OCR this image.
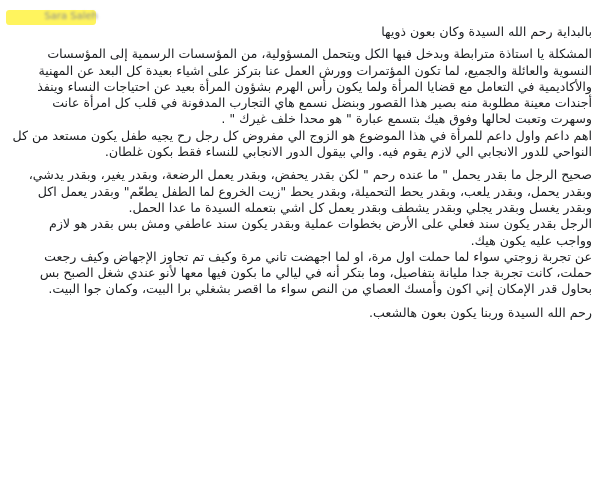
Sara Saleh

بالبداية رحم الله السيدة وكان بعون ذويها

المشكلة يا استاذة مترابطة وبدخل فيها الكل ويتحمل المسؤولية، من المؤسسات الرسمية إلى المؤسسات النسوية والعائلة والجميع، لما تكون المؤتمرات وورش العمل عنا بتركز على اشياء بعيدة كل البعد عن المهنية والأكاديمية في التعامل مع قضايا المرأة ولما يكون رأس الهرم بشؤون المرأة بعيد عن احتياجات النساء وينفذ أجندات معينة مطلوبة منه بصير هذا القصور وبنضل نسمع هاي التجارب المدفونة في قلب كل امرأة عانت وسهرت وتعبت لحالها وفوق هيك بتسمع عبارة " هو محدا خلف غيرك " .

اهم داعم واول داعم للمرأة في هذا الموضوع هو الزوج الي مفروض كل رجل رح يجيه طفل يكون مستعد من كل النواحي للدور الانجابي الي لازم يقوم فيه. والي بيقول الدور الانجابي للنساء فقط بكون غلطان.

صحيح الرجل ما بقدر يحمل " ما عنده رحم " لكن بقدر يحفض، وبقدر يعمل الرضعة، وبقدر يغير، وبقدر يدشي، وبقدر يحمل، وبقدر يلعب، وبقدر يحط التحميلة، وبقدر يحط "زيت الخروع لما الطفل يطعّم" وبقدر يعمل اكل وبقدر يغسل وبقدر يجلي وبقدر يشطف وبقدر يعمل كل اشي بتعمله السيدة ما عدا الحمل.

الرجل بقدر يكون سند فعلي على الأرض بخطوات عملية وبقدر يكون سند عاطفي ومش بس بقدر هو لازم وواجب عليه يكون هيك.

عن تجربة زوجتي سواء لما حملت اول مرة، او لما اجهضت تاني مرة وكيف تم تجاوز الإجهاض وكيف رجعت حملت، كانت تجربة جدا مليانة بتفاصيل، وما بتكر أنه في ليالي ما بكون فيها معها لأنو عندي شغل الصبح بس بحاول قدر الإمكان إني اكون وأمسك العصاي من النص سواء ما اقصر بشغلي برا البيت، وكمان جوا البيت.

رحم الله السيدة وربنا يكون بعون هالشعب.
